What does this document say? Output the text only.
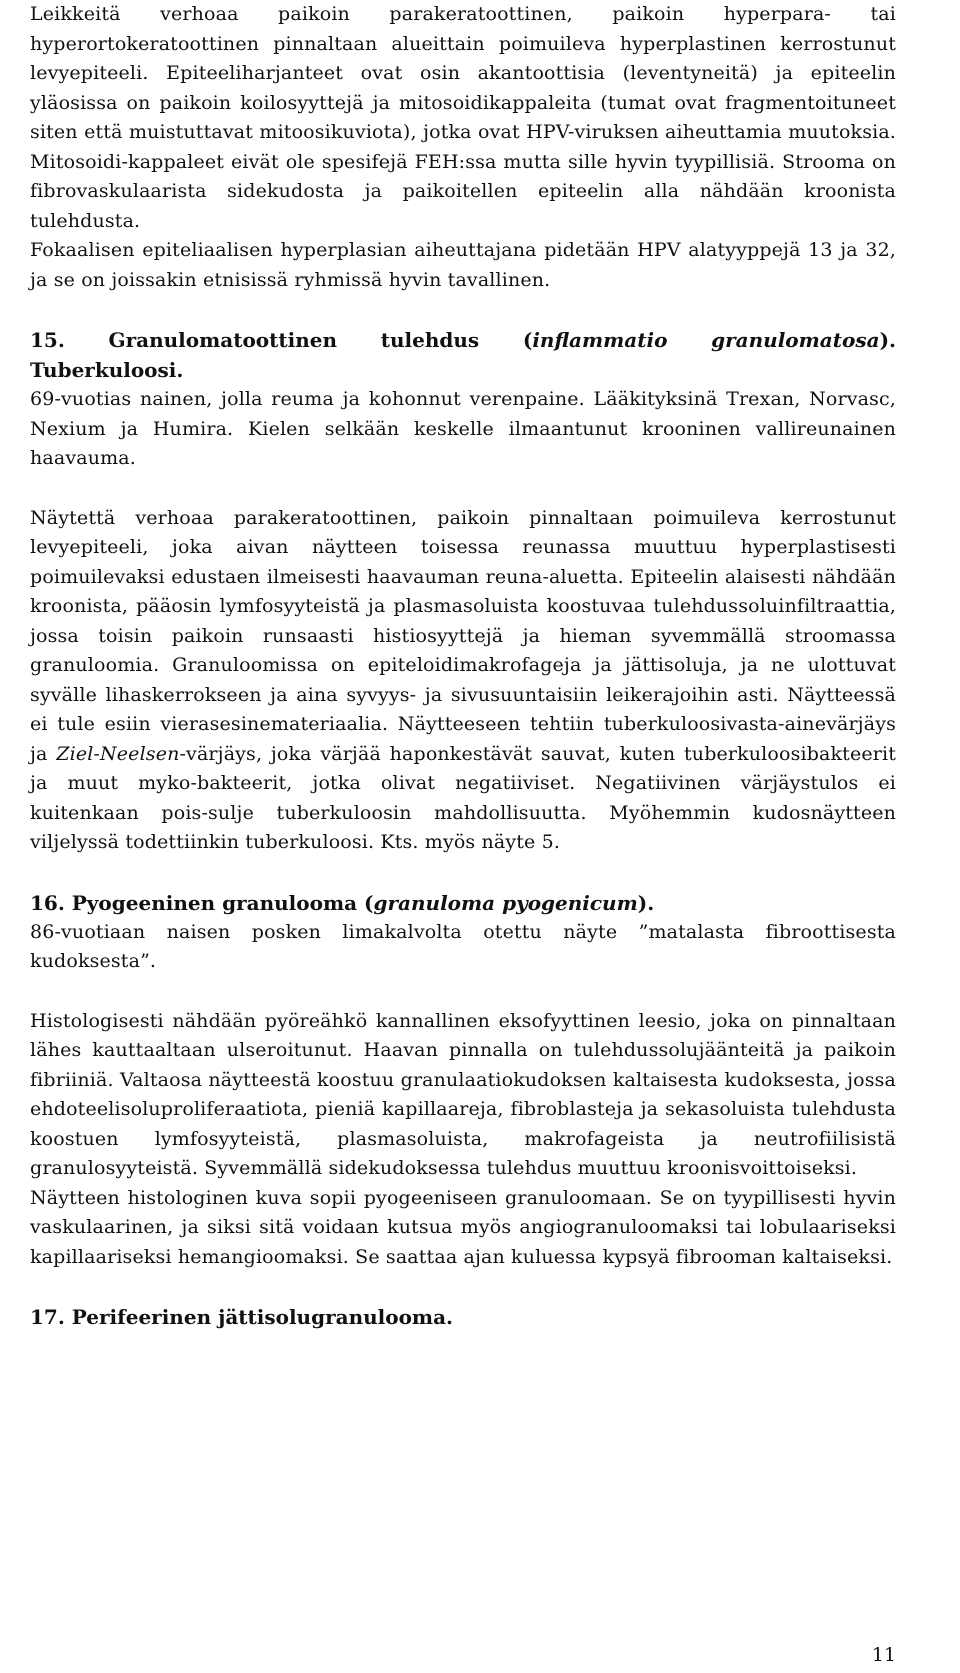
Leikkeitä verhoaa paikoin parakeratoottinen, paikoin hyperpara- tai hyperortokeratoottinen pinnaltaan alueittain poimuileva hyperplastinen kerrostunut levyepiteeli. Epiteeliharjanteet ovat osin akantoottisia (leventyneitä) ja epiteelin yläosissa on paikoin koilosyyttejä ja mitosoidikappaleita (tumat ovat fragmentoituneet siten että muistuttavat mitoosikuviota), jotka ovat HPV-viruksen aiheuttamia muutoksia. Mitosoidi-kappaleet eivät ole spesifejä FEH:ssa mutta sille hyvin tyypillisiä. Strooma on fibrovaskulaarista sidekudosta ja paikoitellen epiteelin alla nähdään kroonista tulehdusta.

Fokaalisen epiteliaalisen hyperplasian aiheuttajana pidetään HPV alatyyppejä 13 ja 32, ja se on joissakin etnisissä ryhmissä hyvin tavallinen.

15. Granulomatoottinen tulehdus (inflammatio granulomatosa). Tuberkuloosi.

69-vuotias nainen, jolla reuma ja kohonnut verenpaine. Lääkityksinä Trexan, Norvasc, Nexium ja Humira. Kielen selkään keskelle ilmaantunut krooninen vallireunainen haavauma.

Näytettä verhoaa parakeratoottinen, paikoin pinnaltaan poimuileva kerrostunut levyepiteeli, joka aivan näytteen toisessa reunassa muuttuu hyperplastisesti poimuilevaksi edustaen ilmeisesti haavauman reuna-aluetta. Epiteelin alaisesti nähdään kroonista, pääosin lymfosyyteistä ja plasmasoluista koostuvaa tulehdussoluinfiltraattia, jossa toisin paikoin runsaasti histiosyyttejä ja hieman syvemmällä stroomassa granuloomia. Granuloomissa on epiteloidimakrofageja ja jättisoluja, ja ne ulottuvat syvälle lihaskerrokseen ja aina syvyys- ja sivusuuntaisiin leikerajoihin asti. Näytteessä ei tule esiin vierasesinemateriaalia. Näytteeseen tehtiin tuberkuloosivasta-ainevärjäys ja Ziel-Neelsen-värjäys, joka värjää haponkestävät sauvat, kuten tuberkuloosibakteerit ja muut myko-bakteerit, jotka olivat negatiiviset. Negatiivinen värjäystulos ei kuitenkaan pois-sulje tuberkuloosin mahdollisuutta. Myöhemmin kudosnäytteen viljelyssä todettiinkin tuberkuloosi. Kts. myös näyte 5.

16. Pyogeeninen granulooma (granuloma pyogenicum).

86-vuotiaan naisen posken limakalvolta otettu näyte ”matalasta fibroottisesta kudoksesta”.

Histologisesti nähdään pyöreähkö kannallinen eksofyyttinen leesio, joka on pinnaltaan lähes kauttaaltaan ulseroitunut. Haavan pinnalla on tulehdussolujäänteitä ja paikoin fibriiniä. Valtaosa näytteestä koostuu granulaatiokudoksen kaltaisesta kudoksesta, jossa ehdoteelisoluproliferaatiota, pieniä kapillaareja, fibroblasteja ja sekasoluista tulehdusta koostuen lymfosyyteistä, plasmasoluista, makrofageista ja neutrofiilisistä granulosyyteistä. Syvemmällä sidekudoksessa tulehdus muuttuu kroonisvoittoiseksi.

Näytteen histologinen kuva sopii pyogeeniseen granuloomaan. Se on tyypillisesti hyvin vaskulaarinen, ja siksi sitä voidaan kutsua myös angiogranuloomaksi tai lobulaariseksi kapillaariseksi hemangioomaksi. Se saattaa ajan kuluessa kypsyä fibrooman kaltaiseksi.

17. Perifeerinen jättisolugranulooma.

11
